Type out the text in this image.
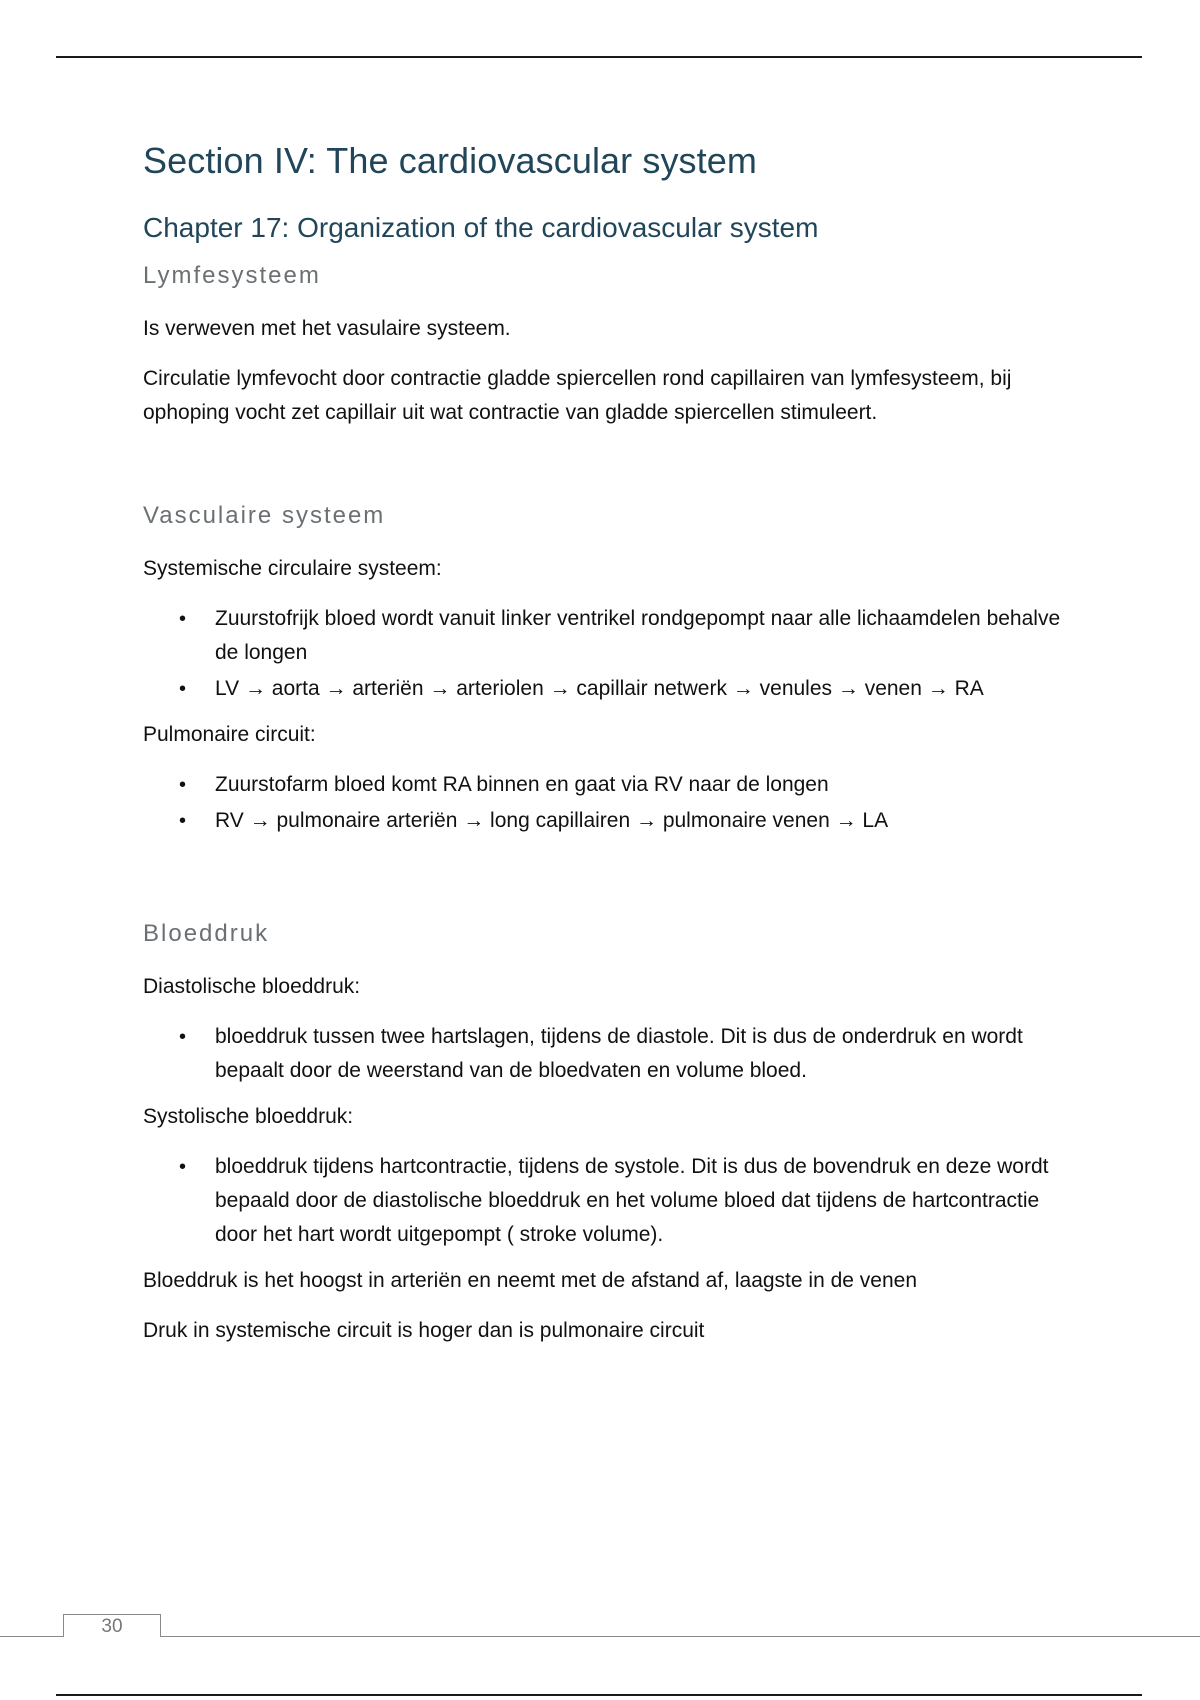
Section IV: The cardiovascular system
Chapter 17: Organization of the cardiovascular system
Lymfesysteem

Is verweven met het vasulaire systeem.

Circulatie lymfevocht door contractie gladde spiercellen rond capillairen van lymfesysteem, bij ophoping vocht zet capillair uit wat contractie van gladde spiercellen stimuleert.

Vasculaire systeem

Systemische circulaire systeem:

• Zuurstofrijk bloed wordt vanuit linker ventrikel rondgepompt naar alle lichaamdelen behalve de longen
• LV → aorta → arteriën → arteriolen → capillair netwerk → venules → venen → RA

Pulmonaire circuit:

• Zuurstofarm bloed komt RA binnen en gaat via RV naar de longen
• RV → pulmonaire arteriën → long capillairen → pulmonaire venen → LA
Bloeddruk

Diastolische bloeddruk:

• bloeddruk tussen twee hartslagen, tijdens de diastole. Dit is dus de onderdruk en wordt bepaalt door de weerstand van de bloedvaten en volume bloed.

Systolische bloeddruk:

• bloeddruk tijdens hartcontractie, tijdens de systole. Dit is dus de bovendruk en deze wordt bepaald door de diastolische bloeddruk en het volume bloed dat tijdens de hartcontractie door het hart wordt uitgepompt ( stroke volume).

Bloeddruk is het hoogst in arteriën en neemt met de afstand af, laagste in de venen

Druk in systemische circuit is hoger dan is pulmonaire circuit

30
